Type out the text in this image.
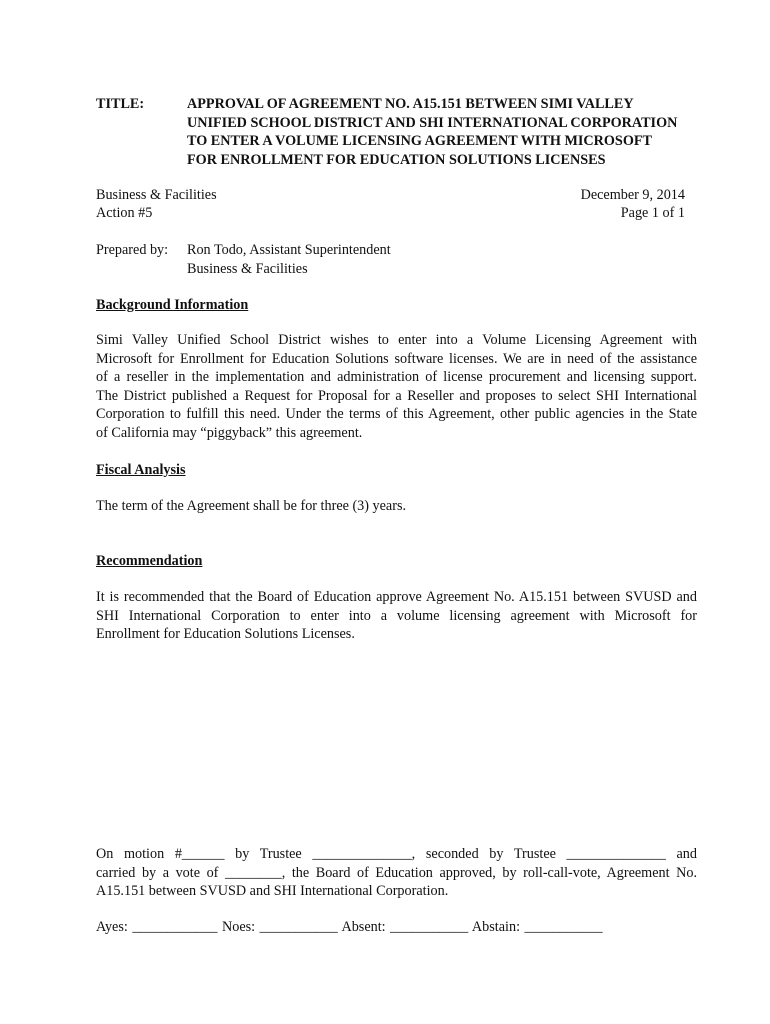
TITLE:	APPROVAL OF AGREEMENT NO. A15.151 BETWEEN SIMI VALLEY
UNIFIED SCHOOL DISTRICT AND SHI INTERNATIONAL CORPORATION
TO ENTER A VOLUME LICENSING AGREEMENT WITH MICROSOFT
FOR ENROLLMENT FOR EDUCATION SOLUTIONS LICENSES
Business & Facilities	December 9, 2014
Action #5	Page 1 of 1
Prepared by:	Ron Todo, Assistant Superintendent
Business & Facilities
Background Information
Simi Valley Unified School District wishes to enter into a Volume Licensing Agreement with
Microsoft for Enrollment for Education Solutions software licenses. We are in need of the assistance
of a reseller in the implementation and administration of license procurement and licensing support.
The District published a Request for Proposal for a Reseller and proposes to select SHI International
Corporation to fulfill this need. Under the terms of this Agreement, other public agencies in the State
of California may “piggyback” this agreement.
Fiscal Analysis
The term of the Agreement shall be for three (3) years.
Recommendation
It is recommended that the Board of Education approve Agreement No. A15.151 between SVUSD and
SHI International Corporation to enter into a volume licensing agreement with Microsoft for
Enrollment for Education Solutions Licenses.
On motion #______ by Trustee ______________, seconded by Trustee ______________ and
carried by a vote of ________, the Board of Education approved, by roll-call-vote, Agreement No.
A15.151 between SVUSD and SHI International Corporation.
Ayes: ____________ Noes: ___________ Absent: ___________ Abstain: ___________
